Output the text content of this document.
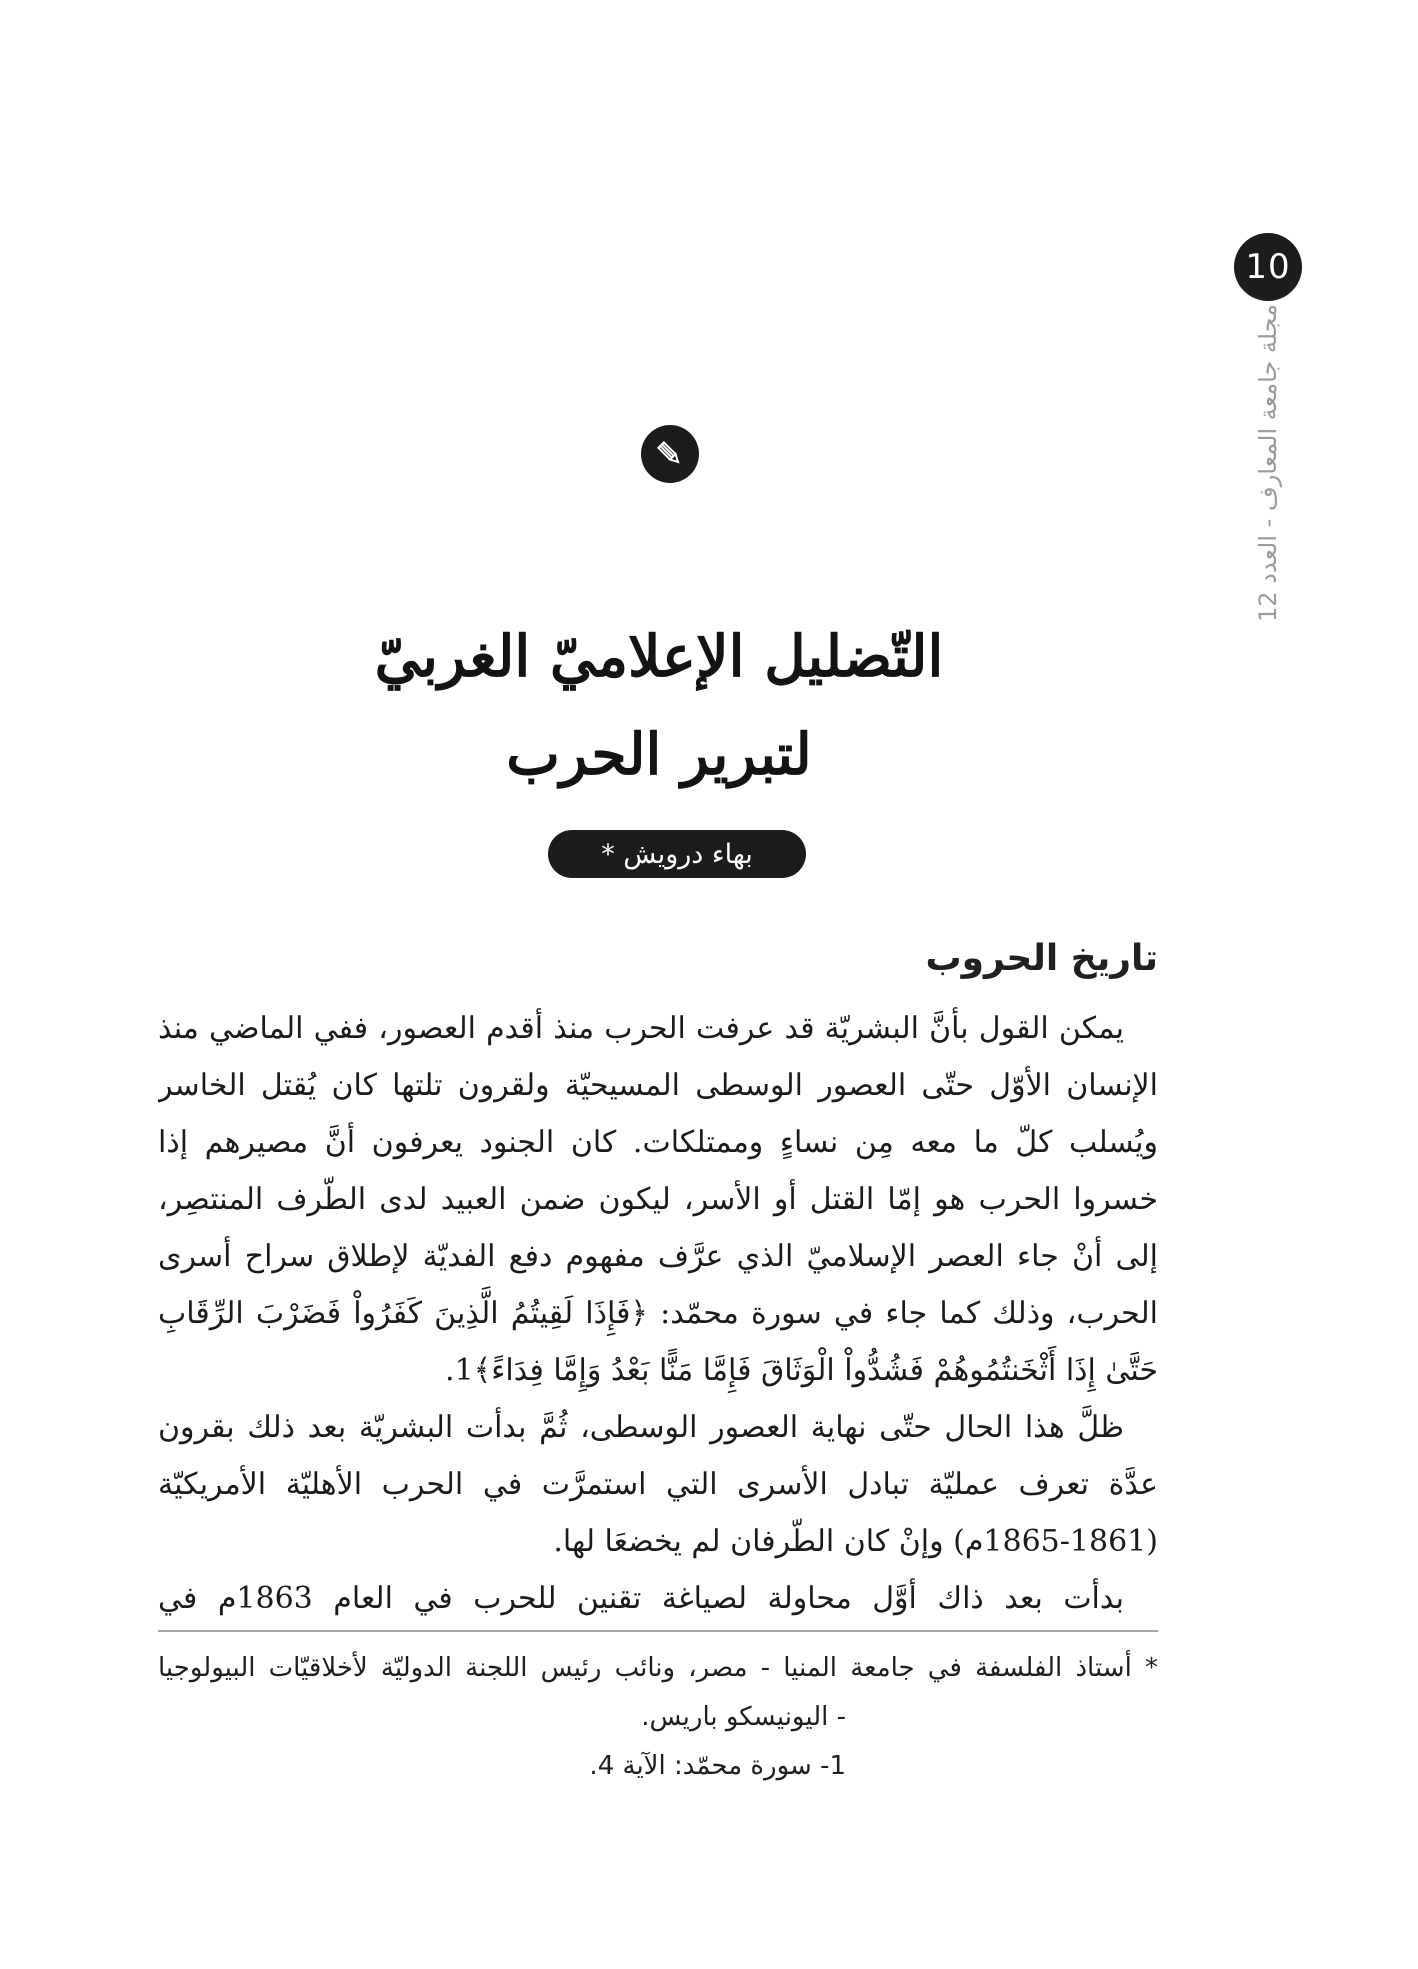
10
مجلة جامعة المعارف - العدد 12
التّضليل الإعلاميّ الغربيّ
لتبرير الحرب
بهاء درويش *
تاريخ الحروب

يمكن القول بأنَّ البشريّة قد عرفت الحرب منذ أقدم العصور، ففي الماضي منذ الإنسان الأوّل حتّى العصور الوسطى المسيحيّة ولقرون تلتها كان يُقتل الخاسر ويُسلب كلّ ما معه مِن نساءٍ وممتلكات. كان الجنود يعرفون أنَّ مصيرهم إذا خسروا الحرب هو إمّا القتل أو الأسر، ليكون ضمن العبيد لدى الطّرف المنتصِر، إلى أنْ جاء العصر الإسلاميّ الذي عرَّف مفهوم دفع الفديّة لإطلاق سراح أسرى الحرب، وذلك كما جاء في سورة محمّد: ﴿فَإِذَا لَقِيتُمُ الَّذِينَ كَفَرُواْ فَضَرْبَ الرِّقَابِ حَتَّىٰ إِذَا أَثْخَنتُمُوهُمْ فَشُدُّواْ الْوَثَاقَ فَإِمَّا مَنًّا بَعْدُ وَإِمَّا فِدَاءً﴾1.

ظلَّ هذا الحال حتّى نهاية العصور الوسطى، ثُمَّ بدأت البشريّة بعد ذلك بقرون عدَّة تعرف عمليّة تبادل الأسرى التي استمرَّت في الحرب الأهليّة الأمريكيّة (1861-1865م) وإنْ كان الطّرفان لم يخضعَا لها.

بدأت بعد ذاك أوَّل محاولة لصياغة تقنين للحرب في العام 1863م في

* أستاذ الفلسفة في جامعة المنيا - مصر، ونائب رئيس اللجنة الدوليّة لأخلاقيّات البيولوجيا
- اليونيسكو باريس.
1- سورة محمّد: الآية 4.
